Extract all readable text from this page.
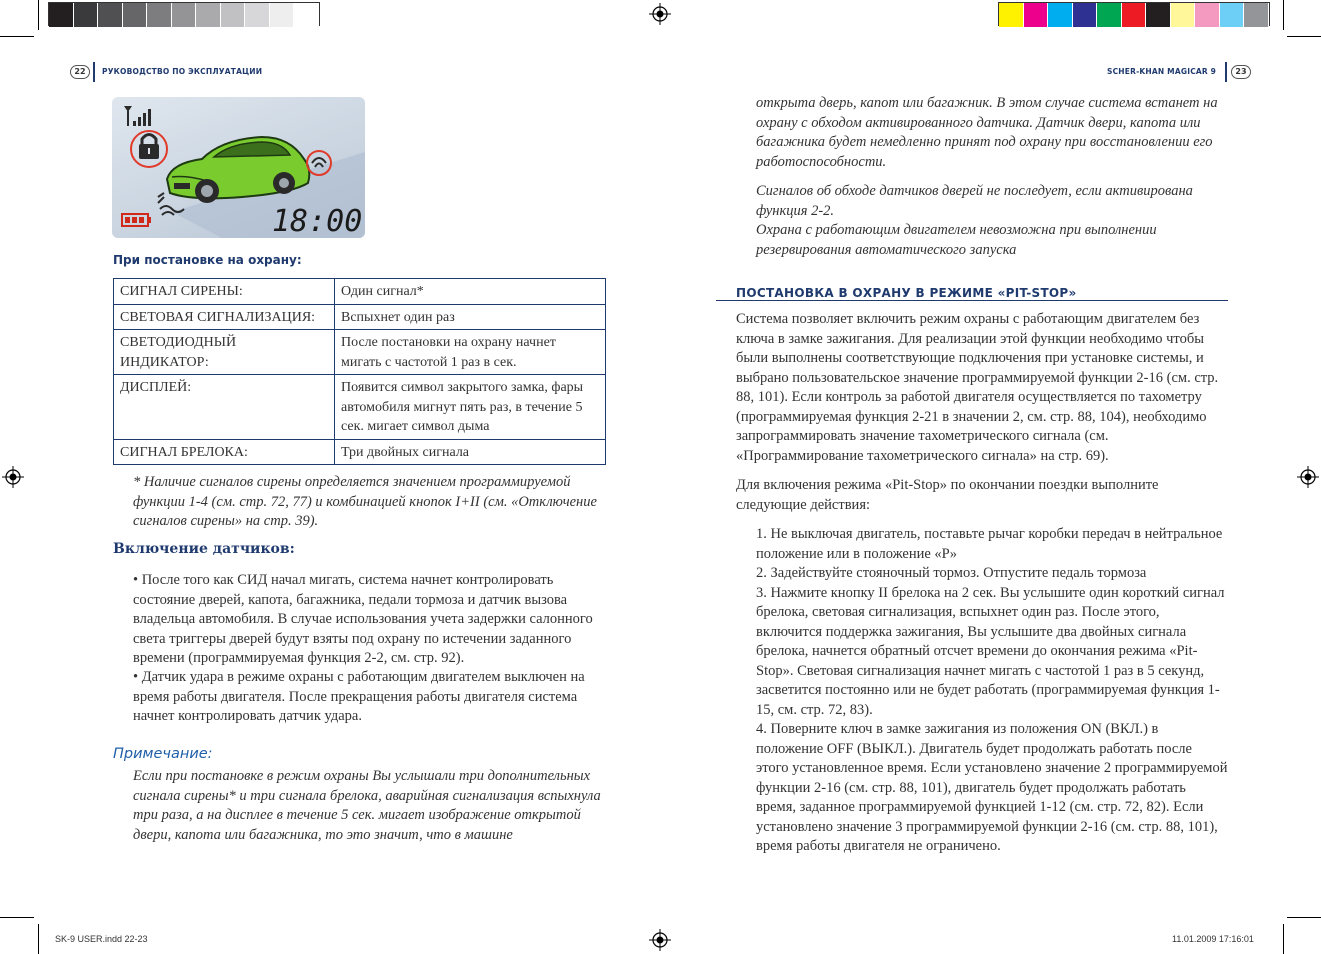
22	РУКОВОДСТВО ПО ЭКСПЛУАТАЦИИ	SCHER-KHAN MAGICAR 9	23
18:00
При постановке на охрану:
СИГНАЛ СИРЕНЫ:	Один сигнал*
СВЕТОВАЯ СИГНАЛИЗАЦИЯ:	Вспыхнет один раз
СВЕТОДИОДНЫЙ ИНДИКАТОР:	После постановки на охрану начнет мигать с частотой 1 раз в сек.
ДИСПЛЕЙ:	Появится символ закрытого замка, фары автомобиля мигнут пять раз, в течение 5 сек. мигает символ дыма
СИГНАЛ БРЕЛОКА:	Три двойных сигнала
* Наличие сигналов сирены определяется значением программируемой функции 1-4 (см. стр. 72, 77) и комбинацией кнопок I+II (см. «Отключение сигналов сирены» на стр. 39).
Включение датчиков:
• После того как СИД начал мигать, система начнет контролировать состояние дверей, капота, багажника, педали тормоза и датчик вызова владельца автомобиля. В случае использования учета задержки салонного света триггеры дверей будут взяты под охрану по истечении заданного времени (программируемая функция 2-2, см. стр. 92).
• Датчик удара в режиме охраны с работающим двигателем выключен на время работы двигателя. После прекращения работы двигателя система начнет контролировать датчик удара.
Примечание:
Если при постановке в режим охраны Вы услышали три дополнительных сигнала сирены* и три сигнала брелока, аварийная сигнализация вспыхнула три раза, а на дисплее в течение 5 сек. мигает изображение открытой двери, капота или багажника, то это значит, что в машине
открыта дверь, капот или багажник. В этом случае система встанет на охрану с обходом активированного датчика. Датчик двери, капота или багажника будет немедленно принят под охрану при восстановлении его работоспособности.
Сигналов об обходе датчиков дверей не последует, если активирована функция 2-2.
Охрана с работающим двигателем невозможна при выполнении резервирования автоматического запуска
ПОСТАНОВКА В ОХРАНУ В РЕЖИМЕ «PIT-STOP»
Система позволяет включить режим охраны с работающим двигателем без ключа в замке зажигания. Для реализации этой функции необходимо чтобы были выполнены соответствующие подключения при установке системы, и выбрано пользовательское значение программируемой функции 2-16 (см. стр. 88, 101). Если контроль за работой двигателя осуществляется по тахометру (программируемая функция 2-21 в значении 2, см. стр. 88, 104), необходимо запрограммировать значение тахометрического сигнала (см. «Программирование тахометрического сигнала» на стр. 69).
Для включения режима «Pit-Stop» по окончании поездки выполните следующие действия:
1. Не выключая двигатель, поставьте рычаг коробки передач в нейтральное положение или в положение «P»
2. Задействуйте стояночный тормоз. Отпустите педаль тормоза
3. Нажмите кнопку II брелока на 2 сек. Вы услышите один короткий сигнал брелока, световая сигнализация, вспыхнет один раз. После этого, включится поддержка зажигания, Вы услышите два двойных сигнала брелока, начнется обратный отсчет времени до окончания режима «Pit-Stop». Световая сигнализация начнет мигать с частотой 1 раз в 5 секунд, засветится постоянно или не будет работать (программируемая функция 1-15, см. стр. 72, 83).
4. Поверните ключ в замке зажигания из положения ON (ВКЛ.) в положение OFF (ВЫКЛ.). Двигатель будет продолжать работать после этого установленное время. Если установлено значение 2 программируемой функции 2-16 (см. стр. 88, 101), двигатель будет продолжать работать время, заданное программируемой функцией 1-12 (см. стр. 72, 82). Если установлено значение 3 программируемой функции 2-16 (см. стр. 88, 101), время работы двигателя не ограничено.
SK-9 USER.indd 22-23	11.01.2009 17:16:01
